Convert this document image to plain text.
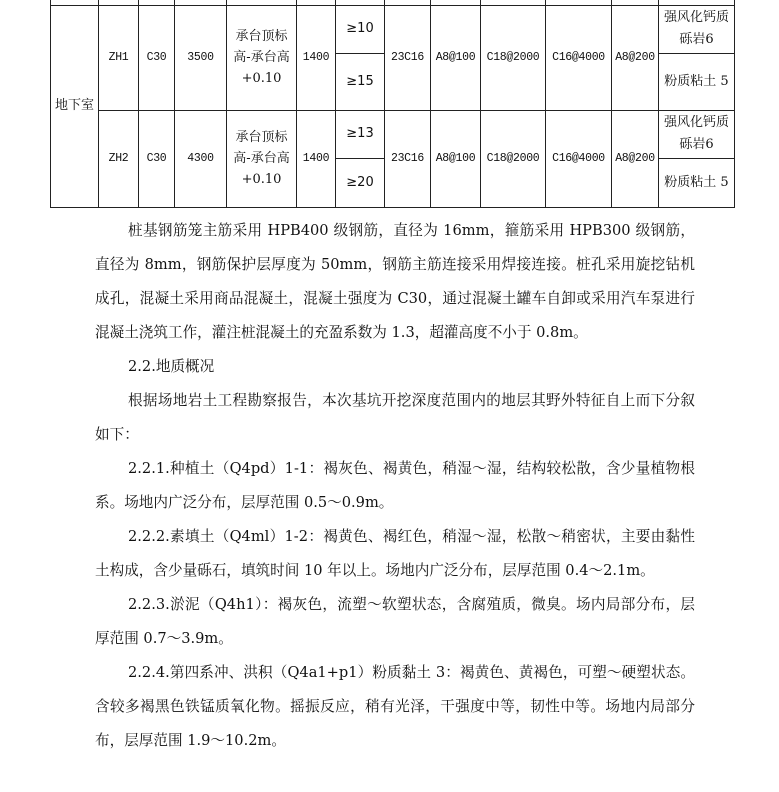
地下室	ZH1	C30	3500	承台顶标高-承台高+0.10	1400	≥10	23C16	A8@100	C18@2000	C16@4000	A8@200	强风化钙质砾岩6
						≥15						粉质粘土 5
	ZH2	C30	4300	承台顶标高-承台高+0.10	1400	≥13	23C16	A8@100	C18@2000	C16@4000	A8@200	强风化钙质砾岩6
						≥20						粉质粘土 5

桩基钢筋笼主筋采用 HPB400 级钢筋，直径为 16mm，箍筋采用 HPB300 级钢筋，直径为 8mm，钢筋保护层厚度为 50mm，钢筋主筋连接采用焊接连接。桩孔采用旋挖钻机成孔，混凝土采用商品混凝土，混凝土强度为 C30，通过混凝土罐车自卸或采用汽车泵进行混凝土浇筑工作，灌注桩混凝土的充盈系数为 1.3，超灌高度不小于 0.8m。

2.2.地质概况

根据场地岩土工程勘察报告，本次基坑开挖深度范围内的地层其野外特征自上而下分叙如下：

2.2.1.种植土（Q4pd）1-1：褐灰色、褐黄色，稍湿～湿，结构较松散，含少量植物根系。场地内广泛分布，层厚范围 0.5～0.9m。

2.2.2.素填土（Q4ml）1-2：褐黄色、褐红色，稍湿～湿，松散～稍密状，主要由黏性土构成，含少量砾石，填筑时间 10 年以上。场地内广泛分布，层厚范围 0.4～2.1m。

2.2.3.淤泥（Q4h1）：褐灰色，流塑～软塑状态，含腐殖质，微臭。场内局部分布，层厚范围 0.7～3.9m。

2.2.4.第四系冲、洪积（Q4a1+p1）粉质黏土 3：褐黄色、黄褐色，可塑～硬塑状态。含较多褐黑色铁锰质氧化物。摇振反应，稍有光泽，干强度中等，韧性中等。场地内局部分布，层厚范围 1.9～10.2m。
